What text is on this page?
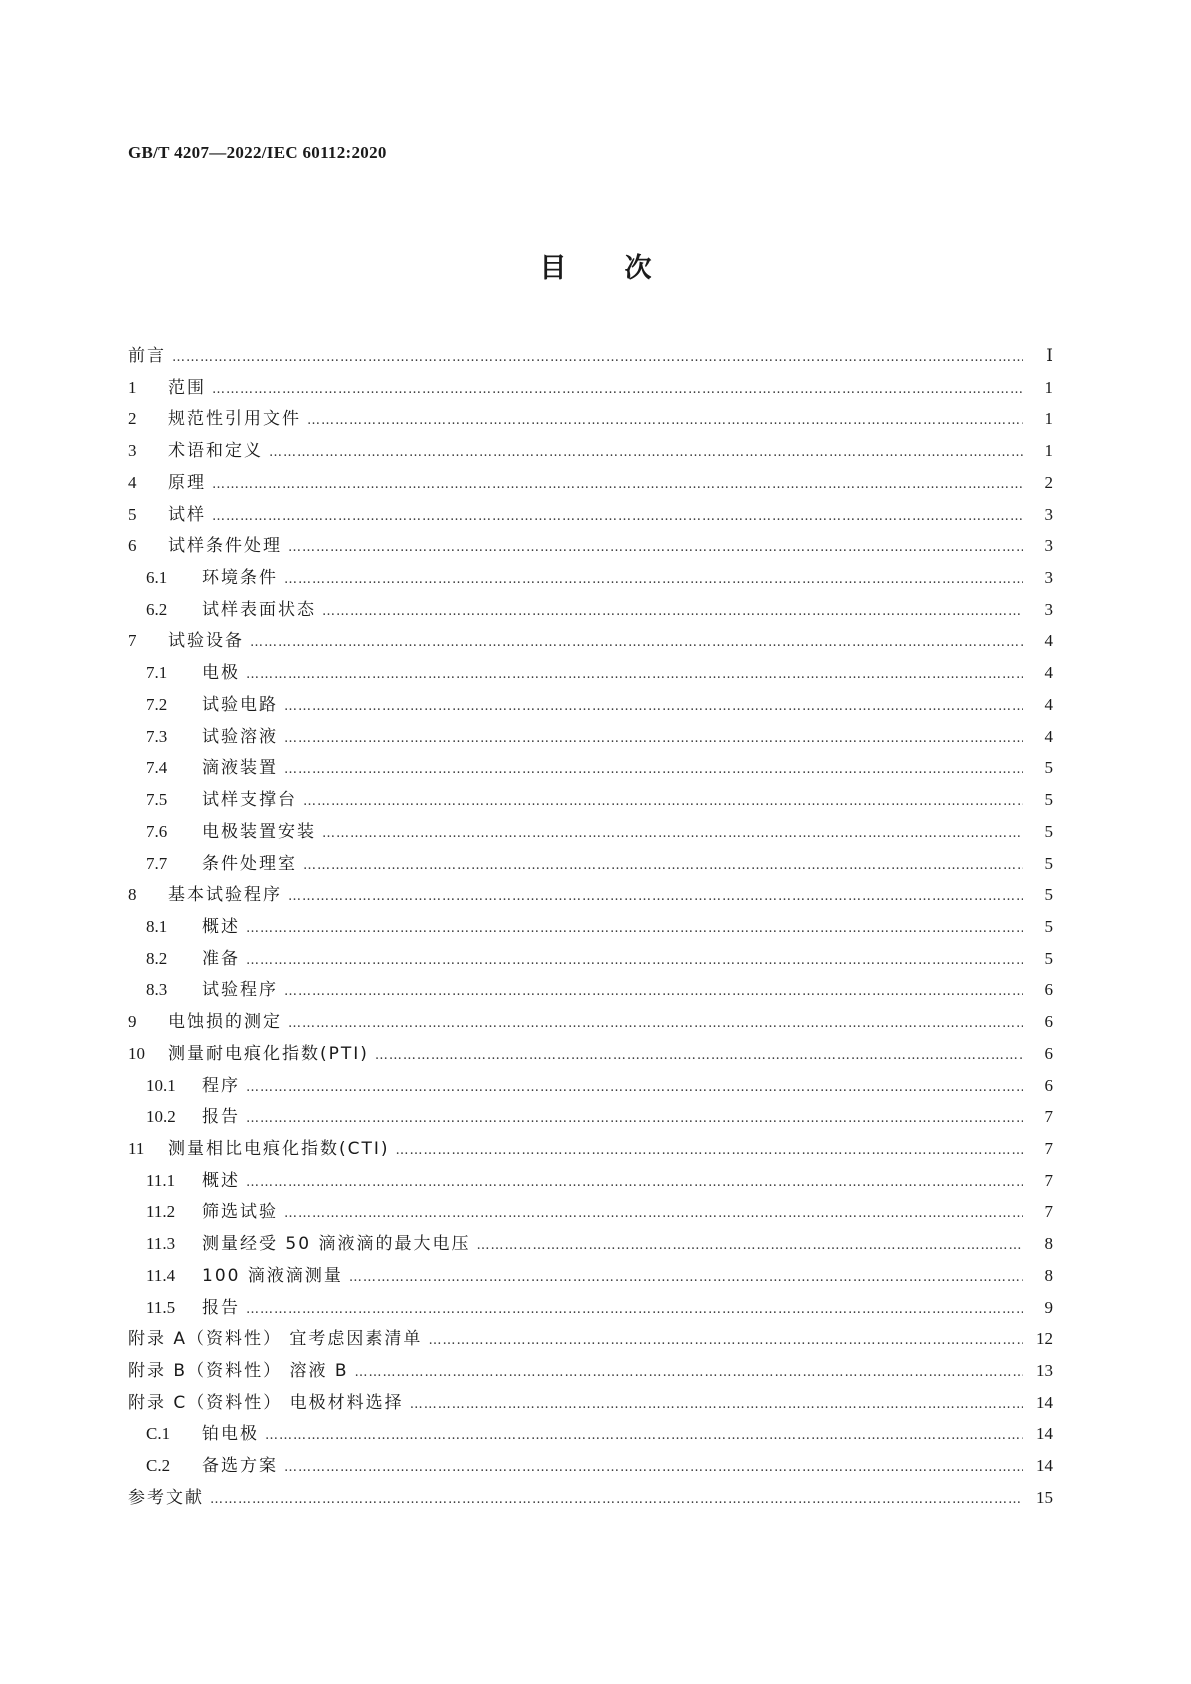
GB/T 4207—2022/IEC 60112:2020
目次
前言 …………………………………………………………………………………………………………………………………………………………………………………………………………………………………………	Ⅰ
1	范围 …………………………………………………………………………………………………………………………………………………………………………………………………………………………………………	1
2	规范性引用文件 …………………………………………………………………………………………………………………………………………………………………………………………………………………………………………	1
3	术语和定义 …………………………………………………………………………………………………………………………………………………………………………………………………………………………………………	1
4	原理 …………………………………………………………………………………………………………………………………………………………………………………………………………………………………………	2
5	试样 …………………………………………………………………………………………………………………………………………………………………………………………………………………………………………	3
6	试样条件处理 …………………………………………………………………………………………………………………………………………………………………………………………………………………………………………	3
6.1	环境条件 …………………………………………………………………………………………………………………………………………………………………………………………………………………………………………	3
6.2	试样表面状态 …………………………………………………………………………………………………………………………………………………………………………………………………………………………………………	3
7	试验设备 …………………………………………………………………………………………………………………………………………………………………………………………………………………………………………	4
7.1	电极 …………………………………………………………………………………………………………………………………………………………………………………………………………………………………………	4
7.2	试验电路 …………………………………………………………………………………………………………………………………………………………………………………………………………………………………………	4
7.3	试验溶液 …………………………………………………………………………………………………………………………………………………………………………………………………………………………………………	4
7.4	滴液装置 …………………………………………………………………………………………………………………………………………………………………………………………………………………………………………	5
7.5	试样支撑台 …………………………………………………………………………………………………………………………………………………………………………………………………………………………………………	5
7.6	电极装置安装 …………………………………………………………………………………………………………………………………………………………………………………………………………………………………………	5
7.7	条件处理室 …………………………………………………………………………………………………………………………………………………………………………………………………………………………………………	5
8	基本试验程序 …………………………………………………………………………………………………………………………………………………………………………………………………………………………………………	5
8.1	概述 …………………………………………………………………………………………………………………………………………………………………………………………………………………………………………	5
8.2	准备 …………………………………………………………………………………………………………………………………………………………………………………………………………………………………………	5
8.3	试验程序 …………………………………………………………………………………………………………………………………………………………………………………………………………………………………………	6
9	电蚀损的测定 …………………………………………………………………………………………………………………………………………………………………………………………………………………………………………	6
10	测量耐电痕化指数(PTI) …………………………………………………………………………………………………………………………………………………………………………………………………………………………………………	6
10.1	程序 …………………………………………………………………………………………………………………………………………………………………………………………………………………………………………	6
10.2	报告 …………………………………………………………………………………………………………………………………………………………………………………………………………………………………………	7
11	测量相比电痕化指数(CTI) …………………………………………………………………………………………………………………………………………………………………………………………………………………………………………	7
11.1	概述 …………………………………………………………………………………………………………………………………………………………………………………………………………………………………………	7
11.2	筛选试验 …………………………………………………………………………………………………………………………………………………………………………………………………………………………………………	7
11.3	测量经受 50 滴液滴的最大电压 …………………………………………………………………………………………………………………………………………………………………………………………………………………………………………	8
11.4	100 滴液滴测量 …………………………………………………………………………………………………………………………………………………………………………………………………………………………………………	8
11.5	报告 …………………………………………………………………………………………………………………………………………………………………………………………………………………………………………	9
附录 A（资料性） 宜考虑因素清单 …………………………………………………………………………………………………………………………………………………………………………………………………………………………………………	12
附录 B（资料性） 溶液 B …………………………………………………………………………………………………………………………………………………………………………………………………………………………………………	13
附录 C（资料性） 电极材料选择 …………………………………………………………………………………………………………………………………………………………………………………………………………………………………………	14
C.1	铂电极 …………………………………………………………………………………………………………………………………………………………………………………………………………………………………………	14
C.2	备选方案 …………………………………………………………………………………………………………………………………………………………………………………………………………………………………………	14
参考文献 …………………………………………………………………………………………………………………………………………………………………………………………………………………………………………	15
